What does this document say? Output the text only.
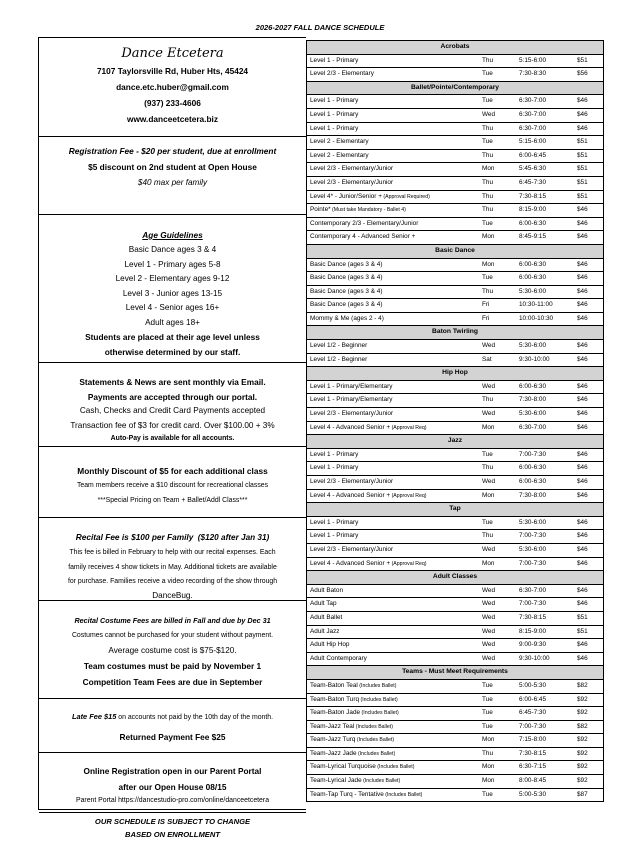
2026-2027 FALL DANCE SCHEDULE
Dance Etcetera
7107 Taylorsville Rd, Huber Hts, 45424
dance.etc.huber@gmail.com
(937) 233-4606
www.danceetcetera.biz
Registration Fee - $20 per student, due at enrollment
$5 discount on 2nd student at Open House
$40 max per family
Age Guidelines
Basic Dance ages 3 & 4
Level 1 - Primary ages 5-8
Level 2 - Elementary ages 9-12
Level 3 - Junior ages 13-15
Level 4 - Senior ages 16+
Adult ages 18+
Students are placed at their age level unless
otherwise determined by our staff.
Statements & News are sent monthly via Email.
Payments are accepted through our portal.
Cash, Checks and Credit Card Payments accepted
Transaction fee of $3 for credit card. Over $100.00 + 3%
Auto-Pay is available for all accounts.
Monthly Discount of $5 for each additional class
Team members receive a $10 discount for recreational classes
***Special Pricing on Team + Ballet/Addl Class***
Recital Fee is $100 per Family ($120 after Jan 31)
This fee is billed in February to help with our recital expenses. Each
family receives 4 show tickets in May. Additional tickets are available
for purchase. Families receive a video recording of the show through
DanceBug.
Recital Costume Fees are billed in Fall and due by Dec 31
Costumes cannot be purchased for your student without payment.
Average costume cost is $75-$120.
Team costumes must be paid by November 1
Competition Team Fees are due in September
Late Fee $15 on accounts not paid by the 10th day of the month.
Returned Payment Fee $25
Online Registration open in our Parent Portal
after our Open House 08/15
Parent Portal https://dancestudio-pro.com/online/danceetcetera
OUR SCHEDULE IS SUBJECT TO CHANGE
BASED ON ENROLLMENT
Acrobats
Level 1 - Primary	Thu	5:15-6:00	$51
Level 2/3 - Elementary	Tue	7:30-8:30	$56
Ballet/Pointe/Contemporary
Level 1 - Primary	Tue	6:30-7:00	$46
Level 1 - Primary	Wed	6:30-7:00	$46
Level 1 - Primary	Thu	6:30-7:00	$46
Level 2 - Elementary	Tue	5:15-6:00	$51
Level 2 - Elementary	Thu	6:00-6:45	$51
Level 2/3 - Elementary/Junior	Mon	5:45-6:30	$51
Level 2/3 - Elementary/Junior	Thu	6:45-7:30	$51
Level 4* - Junior/Senior + (Approval Required)	Thu	7:30-8:15	$51
Pointe* (Must take Mandatory - Ballet 4)	Thu	8:15-9:00	$46
Contemporary 2/3 - Elementary/Junior	Tue	6:00-6:30	$46
Contemporary 4 - Advanced Senior +	Mon	8:45-9:15	$46
Basic Dance
Basic Dance (ages 3 & 4)	Mon	6:00-6:30	$46
Basic Dance (ages 3 & 4)	Tue	6:00-6:30	$46
Basic Dance (ages 3 & 4)	Thu	5:30-6:00	$46
Basic Dance (ages 3 & 4)	Fri	10:30-11:00	$46
Mommy & Me (ages 2 - 4)	Fri	10:00-10:30	$46
Baton Twirling
Level 1/2 - Beginner	Wed	5:30-6:00	$46
Level 1/2 - Beginner	Sat	9:30-10:00	$46
Hip Hop
Level 1 - Primary/Elementary	Wed	6:00-6:30	$46
Level 1 - Primary/Elementary	Thu	7:30-8:00	$46
Level 2/3 - Elementary/Junior	Wed	5:30-6:00	$46
Level 4 - Advanced Senior + (Approval Req)	Mon	6:30-7:00	$46
Jazz
Level 1 - Primary	Tue	7:00-7:30	$46
Level 1 - Primary	Thu	6:00-6:30	$46
Level 2/3 - Elementary/Junior	Wed	6:00-6:30	$46
Level 4 - Advanced Senior + (Approval Req)	Mon	7:30-8:00	$46
Tap
Level 1 - Primary	Tue	5:30-6:00	$46
Level 1 - Primary	Thu	7:00-7:30	$46
Level 2/3 - Elementary/Junior	Wed	5:30-6:00	$46
Level 4 - Advanced Senior + (Approval Req)	Mon	7:00-7:30	$46
Adult Classes
Adult Baton	Wed	6:30-7:00	$46
Adult Tap	Wed	7:00-7:30	$46
Adult Ballet	Wed	7:30-8:15	$51
Adult Jazz	Wed	8:15-9:00	$51
Adult Hip Hop	Wed	9:00-9:30	$46
Adult Contemporary	Wed	9:30-10:00	$46
Teams - Must Meet Requirements
Team-Baton Teal (Includes Ballet)	Tue	5:00-5:30	$82
Team-Baton Turq (Includes Ballet)	Tue	6:00-6:45	$92
Team-Baton Jade (Includes Ballet)	Tue	6:45-7:30	$92
Team-Jazz Teal (Includes Ballet)	Tue	7:00-7:30	$82
Team-Jazz Turq (Includes Ballet)	Mon	7:15-8:00	$92
Team-Jazz Jade (Includes Ballet)	Thu	7:30-8:15	$92
Team-Lyrical Turquoise (Includes Ballet)	Mon	6:30-7:15	$92
Team-Lyrical Jade (Includes Ballet)	Mon	8:00-8:45	$92
Team-Tap Turq - Tentative (Includes Ballet)	Tue	5:00-5:30	$87
